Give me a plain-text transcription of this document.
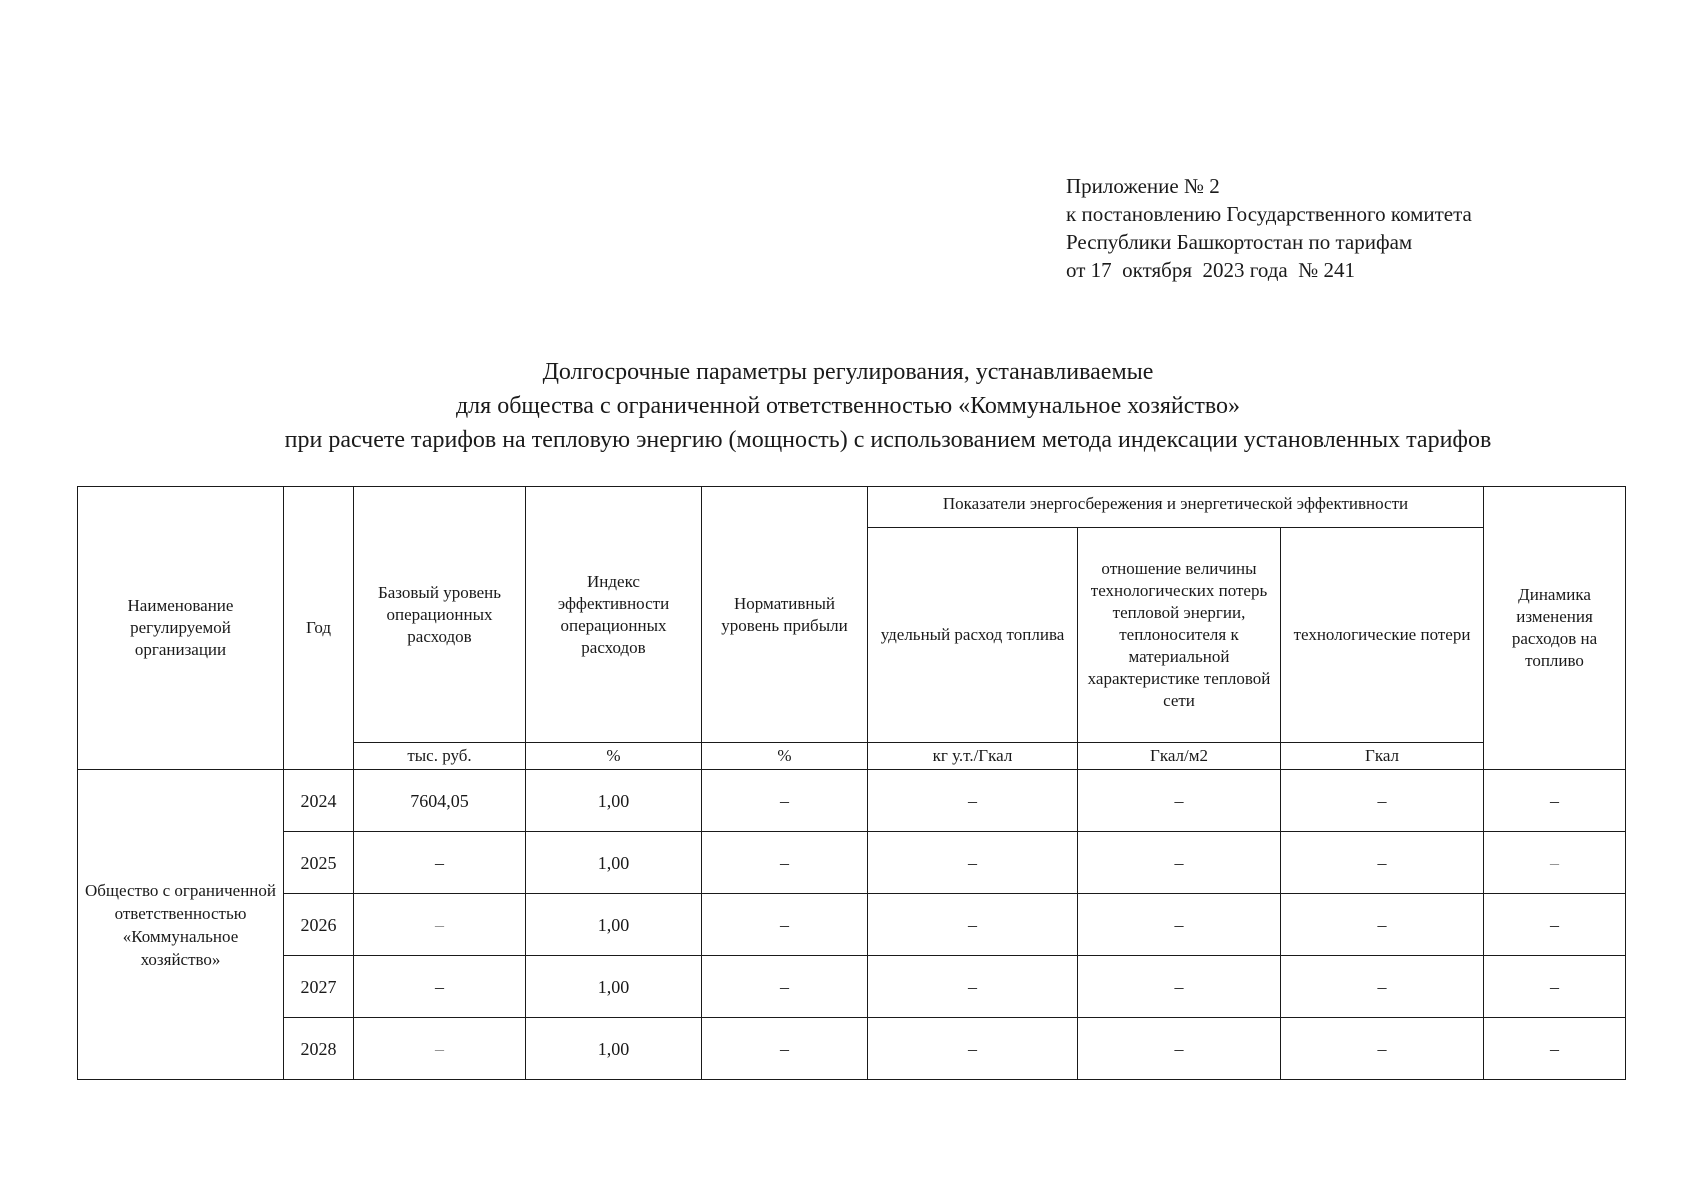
Приложение № 2
к постановлению Государственного комитета
Республики Башкортостан по тарифам
от 17  октября  2023 года  № 241
Долгосрочные параметры регулирования, устанавливаемые
для общества с ограниченной ответственностью «Коммунальное хозяйство»
при расчете тарифов на тепловую энергию (мощность) с использованием метода индексации установленных тарифов
Наименование регулируемой организации	Год	Базовый уровень операционных расходов	Индекс эффективности операционных расходов	Нормативный уровень прибыли	Показатели энергосбережения и энергетической эффективности			Динамика изменения расходов на топливо
					удельный расход топлива	отношение величины технологических потерь тепловой энергии, теплоносителя к материальной характеристике тепловой сети	технологические потери	
		тыс. руб.	%	%	кг у.т./Гкал	Гкал/м2	Гкал	
Общество с ограниченной ответственностью «Коммунальное хозяйство»	2024	7604,05	1,00	–	–	–	–	–
	2025	–	1,00	–	–	–	–	–
	2026	–	1,00	–	–	–	–	–
	2027	–	1,00	–	–	–	–	–
	2028	–	1,00	–	–	–	–	–
